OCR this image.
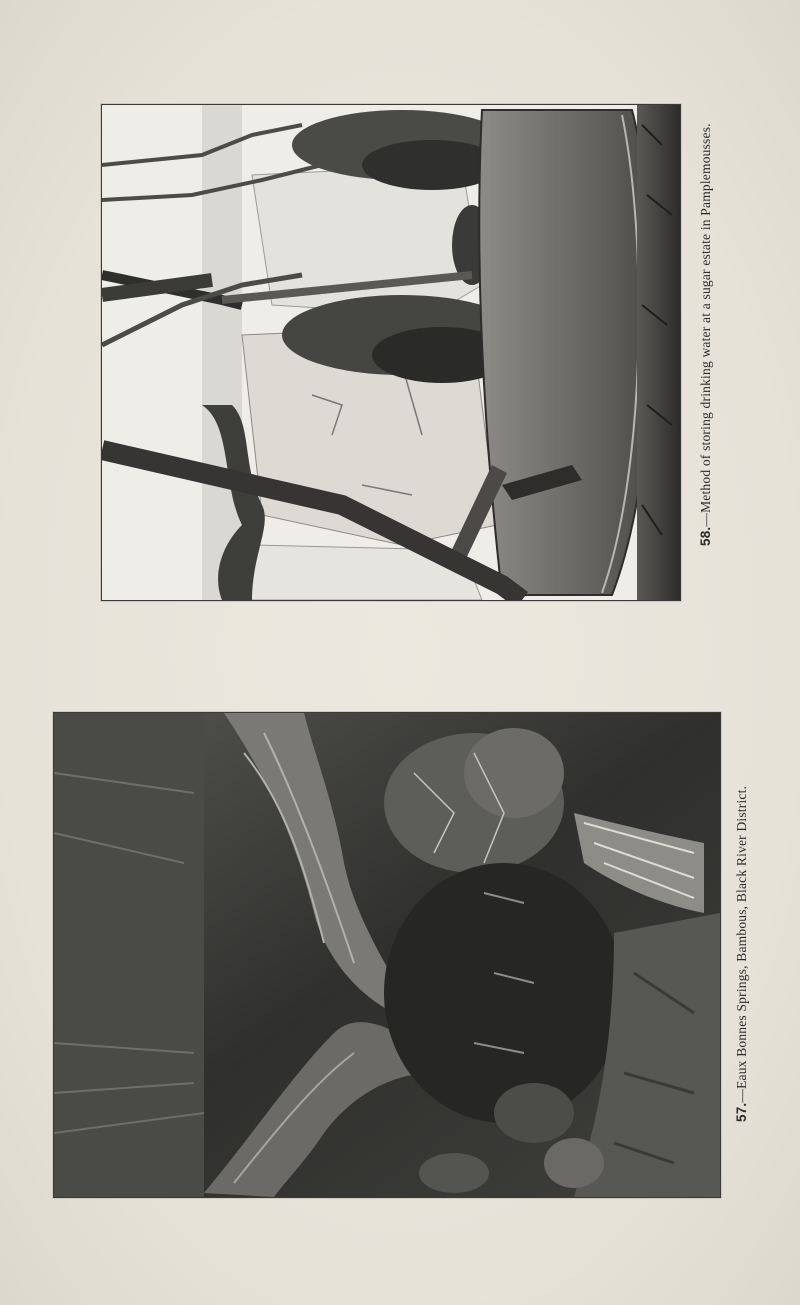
58.—Method of storing drinking water at a sugar estate in Pamplemousses.
57.—Eaux Bonnes Springs, Bambous, Black River District.
